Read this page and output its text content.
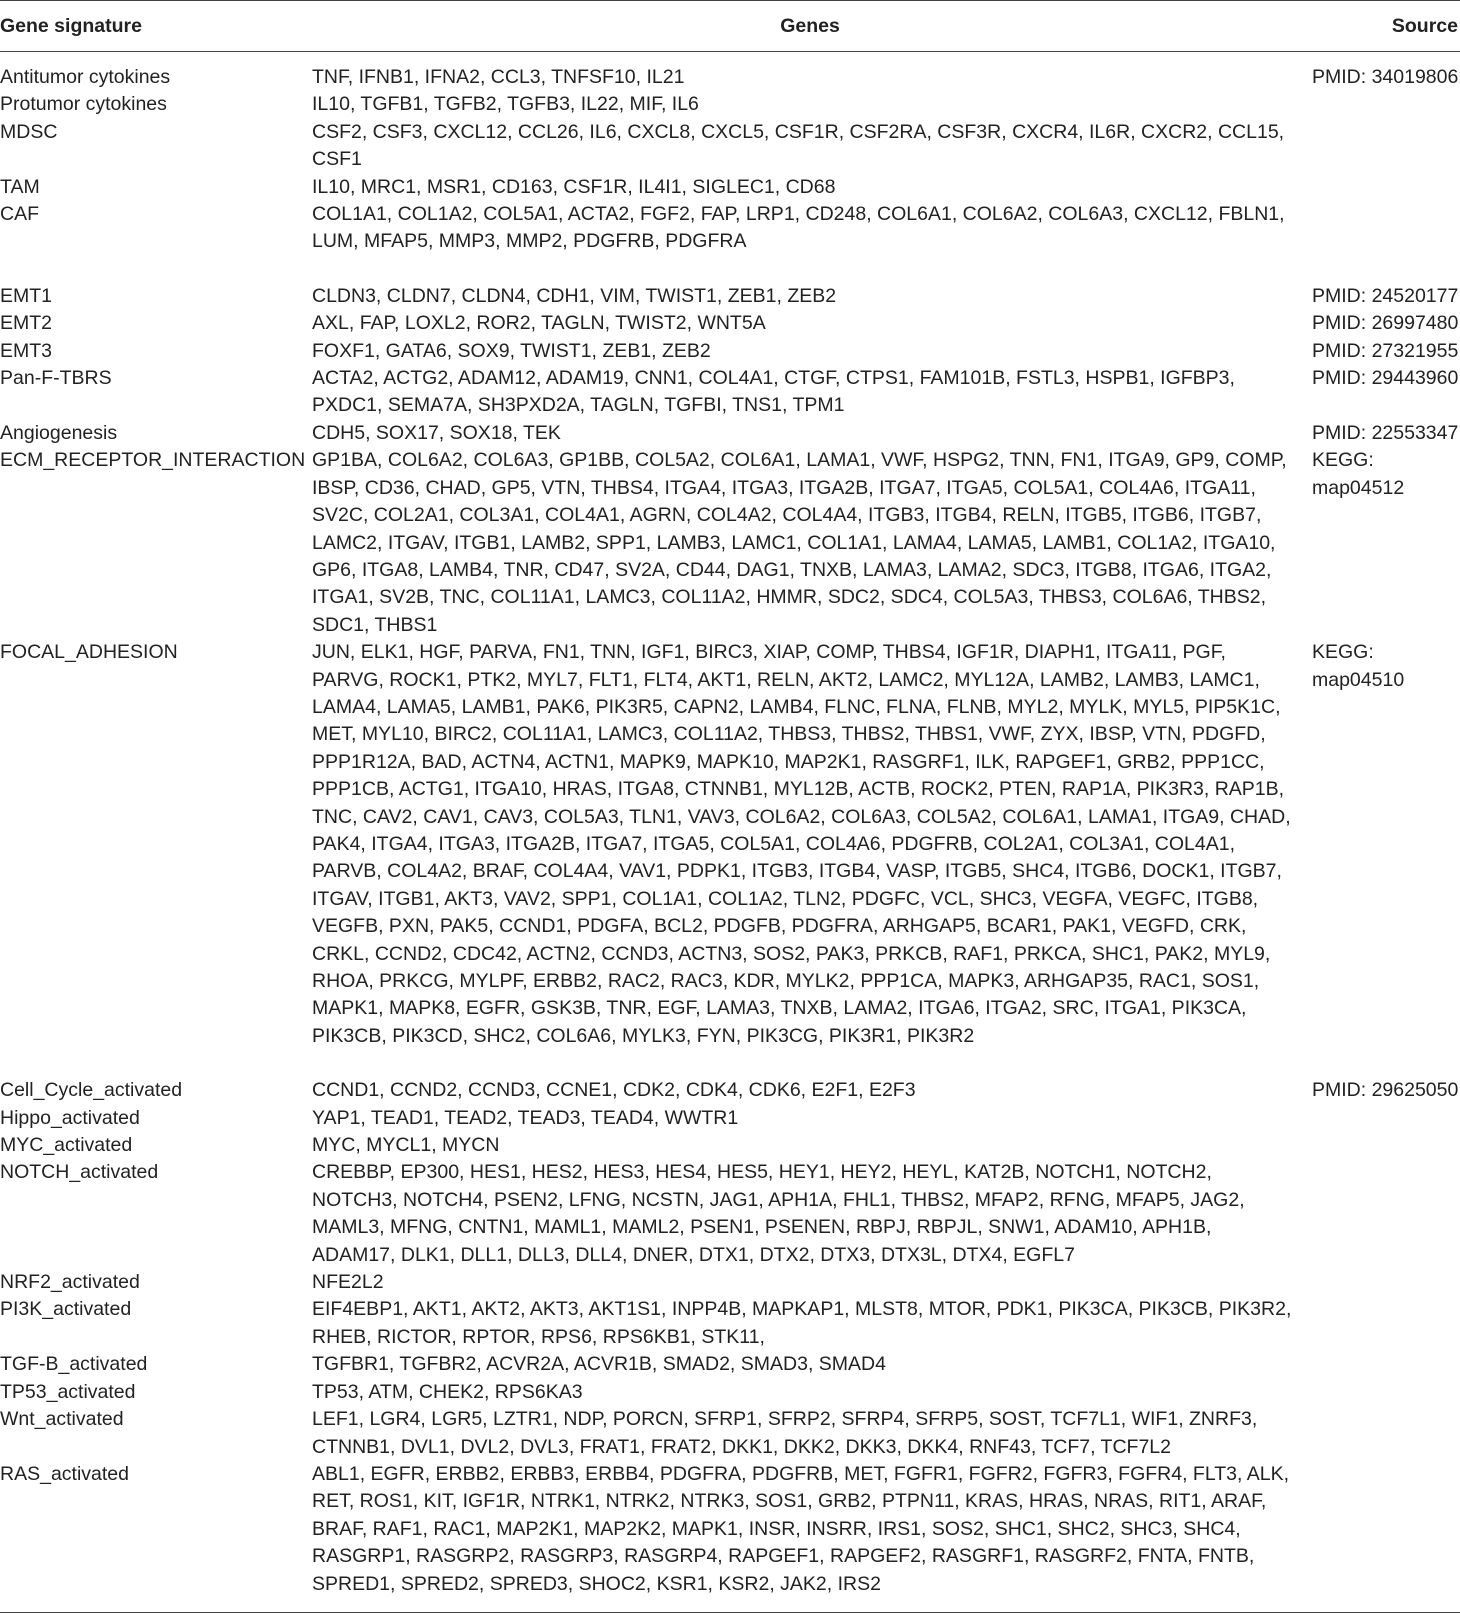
Gene signature	Genes	Source
Antitumor cytokines	TNF, IFNB1, IFNA2, CCL3, TNFSF10, IL21	PMID: 34019806
Protumor cytokines	IL10, TGFB1, TGFB2, TGFB3, IL22, MIF, IL6	
MDSC	CSF2, CSF3, CXCL12, CCL26, IL6, CXCL8, CXCL5, CSF1R, CSF2RA, CSF3R, CXCR4, IL6R, CXCR2, CCL15, CSF1	
TAM	IL10, MRC1, MSR1, CD163, CSF1R, IL4I1, SIGLEC1, CD68	
CAF	COL1A1, COL1A2, COL5A1, ACTA2, FGF2, FAP, LRP1, CD248, COL6A1, COL6A2, COL6A3, CXCL12, FBLN1, LUM, MFAP5, MMP3, MMP2, PDGFRB, PDGFRA	

EMT1	CLDN3, CLDN7, CLDN4, CDH1, VIM, TWIST1, ZEB1, ZEB2	PMID: 24520177
EMT2	AXL, FAP, LOXL2, ROR2, TAGLN, TWIST2, WNT5A	PMID: 26997480
EMT3	FOXF1, GATA6, SOX9, TWIST1, ZEB1, ZEB2	PMID: 27321955
Pan-F-TBRS	ACTA2, ACTG2, ADAM12, ADAM19, CNN1, COL4A1, CTGF, CTPS1, FAM101B, FSTL3, HSPB1, IGFBP3, PXDC1, SEMA7A, SH3PXD2A, TAGLN, TGFBI, TNS1, TPM1	PMID: 29443960
Angiogenesis	CDH5, SOX17, SOX18, TEK	PMID: 22553347
ECM_RECEPTOR_INTERACTION	GP1BA, COL6A2, COL6A3, GP1BB, COL5A2, COL6A1, LAMA1, VWF, HSPG2, TNN, FN1, ITGA9, GP9, COMP, IBSP, CD36, CHAD, GP5, VTN, THBS4, ITGA4, ITGA3, ITGA2B, ITGA7, ITGA5, COL5A1, COL4A6, ITGA11, SV2C, COL2A1, COL3A1, COL4A1, AGRN, COL4A2, COL4A4, ITGB3, ITGB4, RELN, ITGB5, ITGB6, ITGB7, LAMC2, ITGAV, ITGB1, LAMB2, SPP1, LAMB3, LAMC1, COL1A1, LAMA4, LAMA5, LAMB1, COL1A2, ITGA10, GP6, ITGA8, LAMB4, TNR, CD47, SV2A, CD44, DAG1, TNXB, LAMA3, LAMA2, SDC3, ITGB8, ITGA6, ITGA2, ITGA1, SV2B, TNC, COL11A1, LAMC3, COL11A2, HMMR, SDC2, SDC4, COL5A3, THBS3, COL6A6, THBS2, SDC1, THBS1	KEGG: map04512
FOCAL_ADHESION	JUN, ELK1, HGF, PARVA, FN1, TNN, IGF1, BIRC3, XIAP, COMP, THBS4, IGF1R, DIAPH1, ITGA11, PGF, PARVG, ROCK1, PTK2, MYL7, FLT1, FLT4, AKT1, RELN, AKT2, LAMC2, MYL12A, LAMB2, LAMB3, LAMC1, LAMA4, LAMA5, LAMB1, PAK6, PIK3R5, CAPN2, LAMB4, FLNC, FLNA, FLNB, MYL2, MYLK, MYL5, PIP5K1C, MET, MYL10, BIRC2, COL11A1, LAMC3, COL11A2, THBS3, THBS2, THBS1, VWF, ZYX, IBSP, VTN, PDGFD, PPP1R12A, BAD, ACTN4, ACTN1, MAPK9, MAPK10, MAP2K1, RASGRF1, ILK, RAPGEF1, GRB2, PPP1CC, PPP1CB, ACTG1, ITGA10, HRAS, ITGA8, CTNNB1, MYL12B, ACTB, ROCK2, PTEN, RAP1A, PIK3R3, RAP1B, TNC, CAV2, CAV1, CAV3, COL5A3, TLN1, VAV3, COL6A2, COL6A3, COL5A2, COL6A1, LAMA1, ITGA9, CHAD, PAK4, ITGA4, ITGA3, ITGA2B, ITGA7, ITGA5, COL5A1, COL4A6, PDGFRB, COL2A1, COL3A1, COL4A1, PARVB, COL4A2, BRAF, COL4A4, VAV1, PDPK1, ITGB3, ITGB4, VASP, ITGB5, SHC4, ITGB6, DOCK1, ITGB7, ITGAV, ITGB1, AKT3, VAV2, SPP1, COL1A1, COL1A2, TLN2, PDGFC, VCL, SHC3, VEGFA, VEGFC, ITGB8, VEGFB, PXN, PAK5, CCND1, PDGFA, BCL2, PDGFB, PDGFRA, ARHGAP5, BCAR1, PAK1, VEGFD, CRK, CRKL, CCND2, CDC42, ACTN2, CCND3, ACTN3, SOS2, PAK3, PRKCB, RAF1, PRKCA, SHC1, PAK2, MYL9, RHOA, PRKCG, MYLPF, ERBB2, RAC2, RAC3, KDR, MYLK2, PPP1CA, MAPK3, ARHGAP35, RAC1, SOS1, MAPK1, MAPK8, EGFR, GSK3B, TNR, EGF, LAMA3, TNXB, LAMA2, ITGA6, ITGA2, SRC, ITGA1, PIK3CA, PIK3CB, PIK3CD, SHC2, COL6A6, MYLK3, FYN, PIK3CG, PIK3R1, PIK3R2	KEGG: map04510

Cell_Cycle_activated	CCND1, CCND2, CCND3, CCNE1, CDK2, CDK4, CDK6, E2F1, E2F3	PMID: 29625050
Hippo_activated	YAP1, TEAD1, TEAD2, TEAD3, TEAD4, WWTR1	
MYC_activated	MYC, MYCL1, MYCN	
NOTCH_activated	CREBBP, EP300, HES1, HES2, HES3, HES4, HES5, HEY1, HEY2, HEYL, KAT2B, NOTCH1, NOTCH2, NOTCH3, NOTCH4, PSEN2, LFNG, NCSTN, JAG1, APH1A, FHL1, THBS2, MFAP2, RFNG, MFAP5, JAG2, MAML3, MFNG, CNTN1, MAML1, MAML2, PSEN1, PSENEN, RBPJ, RBPJL, SNW1, ADAM10, APH1B, ADAM17, DLK1, DLL1, DLL3, DLL4, DNER, DTX1, DTX2, DTX3, DTX3L, DTX4, EGFL7	
NRF2_activated	NFE2L2	
PI3K_activated	EIF4EBP1, AKT1, AKT2, AKT3, AKT1S1, INPP4B, MAPKAP1, MLST8, MTOR, PDK1, PIK3CA, PIK3CB, PIK3R2, RHEB, RICTOR, RPTOR, RPS6, RPS6KB1, STK11,	
TGF-B_activated	TGFBR1, TGFBR2, ACVR2A, ACVR1B, SMAD2, SMAD3, SMAD4	
TP53_activated	TP53, ATM, CHEK2, RPS6KA3	
Wnt_activated	LEF1, LGR4, LGR5, LZTR1, NDP, PORCN, SFRP1, SFRP2, SFRP4, SFRP5, SOST, TCF7L1, WIF1, ZNRF3, CTNNB1, DVL1, DVL2, DVL3, FRAT1, FRAT2, DKK1, DKK2, DKK3, DKK4, RNF43, TCF7, TCF7L2	
RAS_activated	ABL1, EGFR, ERBB2, ERBB3, ERBB4, PDGFRA, PDGFRB, MET, FGFR1, FGFR2, FGFR3, FGFR4, FLT3, ALK, RET, ROS1, KIT, IGF1R, NTRK1, NTRK2, NTRK3, SOS1, GRB2, PTPN11, KRAS, HRAS, NRAS, RIT1, ARAF, BRAF, RAF1, RAC1, MAP2K1, MAP2K2, MAPK1, INSR, INSRR, IRS1, SOS2, SHC1, SHC2, SHC3, SHC4, RASGRP1, RASGRP2, RASGRP3, RASGRP4, RAPGEF1, RAPGEF2, RASGRF1, RASGRF2, FNTA, FNTB, SPRED1, SPRED2, SPRED3, SHOC2, KSR1, KSR2, JAK2, IRS2	
